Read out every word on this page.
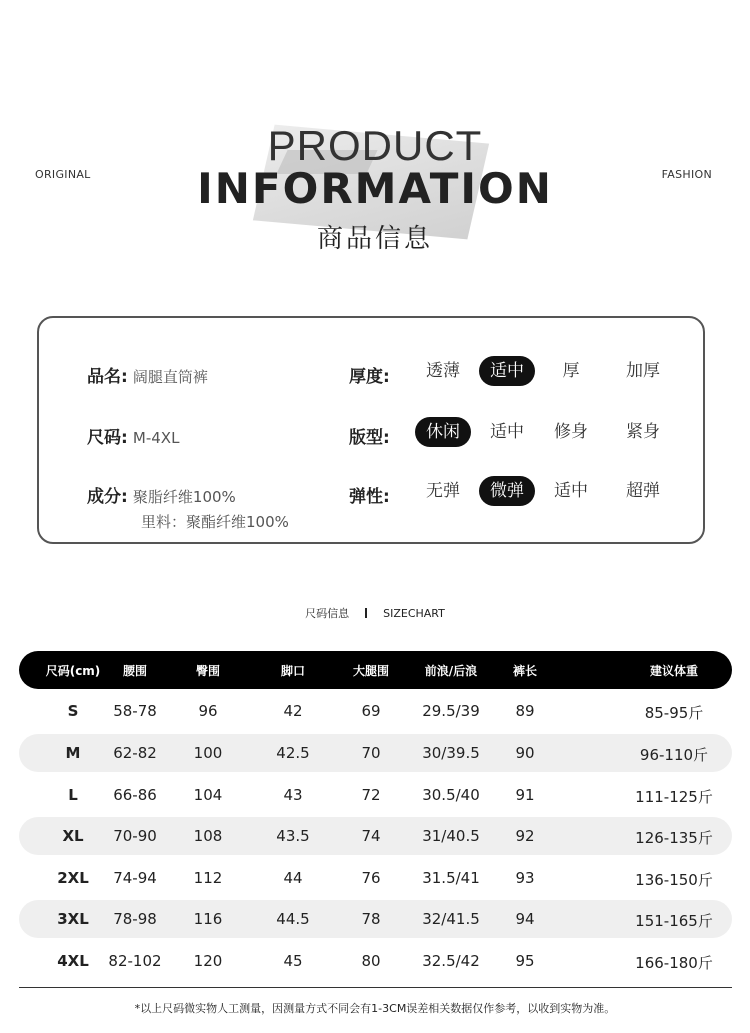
ORIGINAL	FASHION
PRODUCT
INFORMATION
商品信息
品名: 阔腿直筒裤
尺码: M-4XL
成分: 聚脂纤维100%
里料：聚酯纤维100%
厚度:	透薄	适中	厚	加厚
版型:	休闲	适中	修身	紧身
弹性:	无弹	微弹	适中	超弹
尺码信息	SIZECHART
尺码(cm)	腰围	臀围	脚口	大腿围	前浪/后浪	裤长	建议体重
S	58-78	96	42	69	29.5/39	89	85-95斤
M	62-82	100	42.5	70	30/39.5	90	96-110斤
L	66-86	104	43	72	30.5/40	91	111-125斤
XL	70-90	108	43.5	74	31/40.5	92	126-135斤
2XL	74-94	112	44	76	31.5/41	93	136-150斤
3XL	78-98	116	44.5	78	32/41.5	94	151-165斤
4XL	82-102	120	45	80	32.5/42	95	166-180斤
*以上尺码微实物人工测量，因测量方式不同会有1-3CM误差相关数据仅作参考，以收到实物为准。
